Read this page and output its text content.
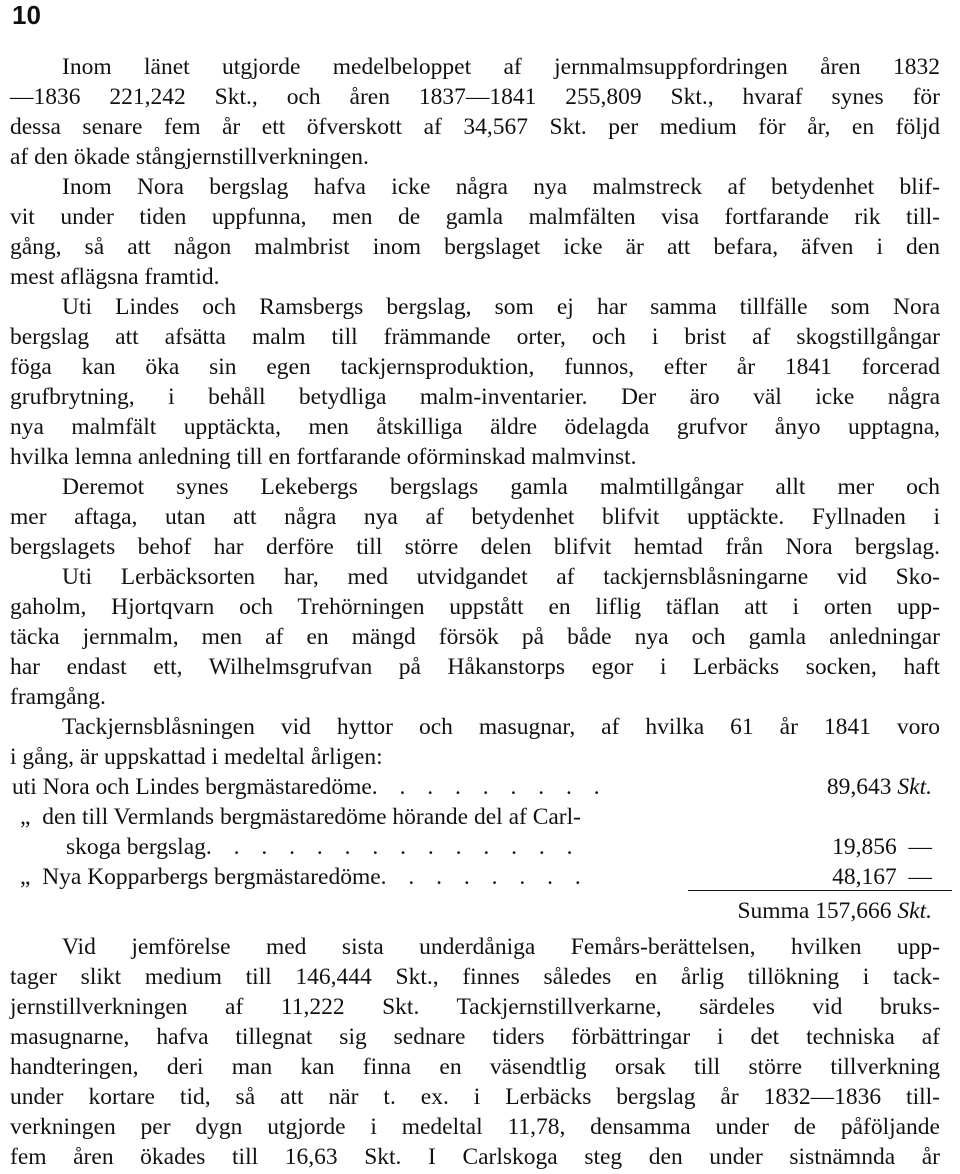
10
Inom länet utgjorde medelbeloppet af jernmalmsuppfordringen åren 1832
—1836 221,242 Skt., och åren 1837—1841 255,809 Skt., hvaraf synes för
dessa senare fem år ett öfverskott af 34,567 Skt. per medium för år, en följd
af den ökade stångjernstillverkningen.
Inom Nora bergslag hafva icke några nya malmstreck af betydenhet blif-
vit under tiden uppfunna, men de gamla malmfälten visa fortfarande rik till-
gång, så att någon malmbrist inom bergslaget icke är att befara, äfven i den
mest aflägsna framtid.
Uti Lindes och Ramsbergs bergslag, som ej har samma tillfälle som Nora
bergslag att afsätta malm till främmande orter, och i brist af skogstillgångar
föga kan öka sin egen tackjernsproduktion, funnos, efter år 1841 forcerad
grufbrytning, i behåll betydliga malm-inventarier. Der äro väl icke några
nya malmfält upptäckta, men åtskilliga äldre ödelagda grufvor ånyo upptagna,
hvilka lemna anledning till en fortfarande oförminskad malmvinst.
Deremot synes Lekebergs bergslags gamla malmtillgångar allt mer och
mer aftaga, utan att några nya af betydenhet blifvit upptäckte. Fyllnaden i
bergslagets behof har derföre till större delen blifvit hemtad från Nora bergslag.
Uti Lerbäcksorten har, med utvidgandet af tackjernsblåsningarne vid Sko-
gaholm, Hjortqvarn och Trehörningen uppstått en liflig täflan att i orten upp-
täcka jernmalm, men af en mängd försök på både nya och gamla anledningar
har endast ett, Wilhelmsgrufvan på Håkanstorps egor i Lerbäcks socken, haft
framgång.
Tackjernsblåsningen vid hyttor och masugnar, af hvilka 61 år 1841 voro
i gång, är uppskattad i medeltal årligen:
uti
Nora och Lindes bergmästaredöme . . . . . . . . .	89,643 Skt.
„
den till Vermlands bergmästaredöme hörande del af Carl-
skoga bergslag . . . . . . . . . . . . . .	19,856 —
„
Nya Kopparbergs bergmästaredöme . . . . . . . .	48,167 —
Summa 157,666 Skt.
Vid jemförelse med sista underdåniga Femårs-berättelsen, hvilken upp-
tager slikt medium till 146,444 Skt., finnes således en årlig tillökning i tack-
jernstillverkningen af 11,222 Skt. Tackjernstillverkarne, särdeles vid bruks-
masugnarne, hafva tillegnat sig sednare tiders förbättringar i det techniska af
handteringen, deri man kan finna en väsendtlig orsak till större tillverkning
under kortare tid, så att när t. ex. i Lerbäcks bergslag år 1832—1836 till-
verkningen per dygn utgjorde i medeltal 11,78, densamma under de påföljande
fem åren ökades till 16,63 Skt. I Carlskoga steg den under sistnämnda år
